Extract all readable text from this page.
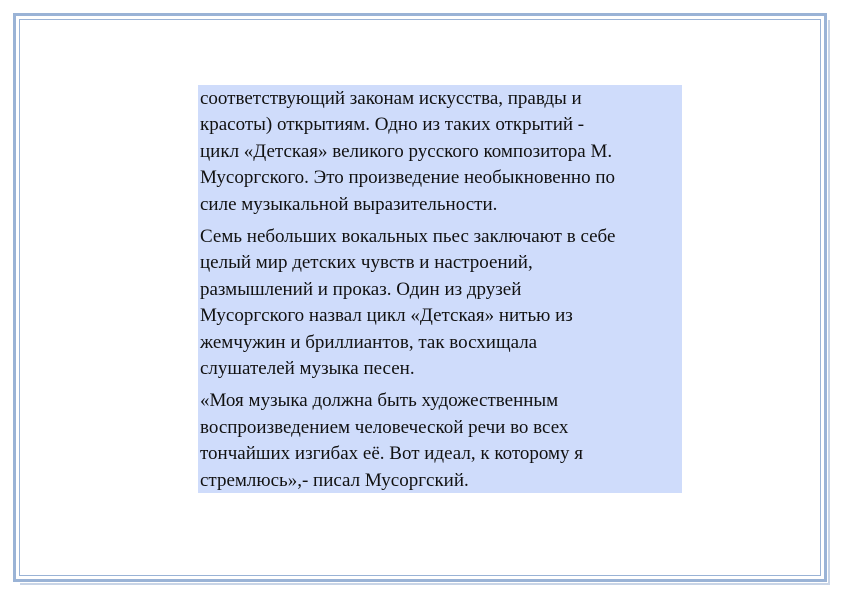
соответствующий законам искусства, правды и
красоты) открытиям. Одно из таких открытий -
цикл «Детская» великого русского композитора М.
Мусоргского. Это произведение необыкновенно по
силе музыкальной выразительности.

Семь небольших вокальных пьес заключают в себе
целый мир детских чувств и настроений,
размышлений и проказ. Один из друзей
Мусоргского назвал цикл «Детская» нитью из
жемчужин и бриллиантов, так восхищала
слушателей музыка песен.

«Моя музыка должна быть художественным
воспроизведением человеческой речи во всех
тончайших изгибах её. Вот идеал, к которому я
стремлюсь»,- писал Мусоргский.
